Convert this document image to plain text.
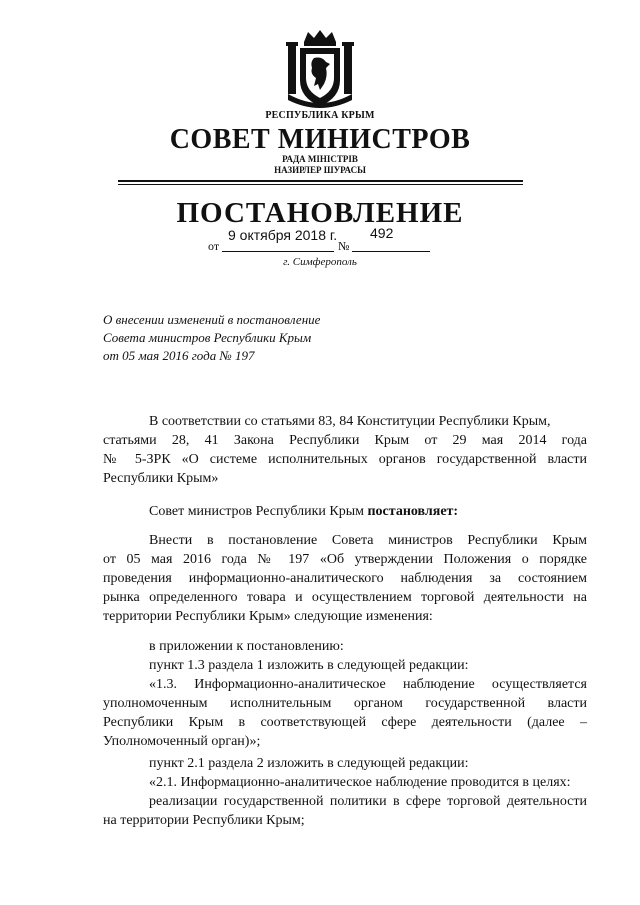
РЕСПУБЛИКА КРЫМ
СОВЕТ МИНИСТРОВ
РАДА МІНІСТРІВ
НАЗИРЛЕР ШУРАСЫ
ПОСТАНОВЛЕНИЕ
9 октября 2018 г. 492
от	№
г. Симферополь
О внесении изменений в постановление
Совета министров Республики Крым
от 05 мая 2016 года № 197
В соответствии со статьями 83, 84 Конституции Республики Крым,
статьями 28, 41 Закона Республики Крым от 29 мая 2014 года
№ 5-ЗРК «О системе исполнительных органов государственной власти
Республики Крым»
Совет министров Республики Крым постановляет:
Внести в постановление Совета министров Республики Крым
от 05 мая 2016 года № 197 «Об утверждении Положения о порядке
проведения информационно-аналитического наблюдения за состоянием
рынка определенного товара и осуществлением торговой деятельности на
территории Республики Крым» следующие изменения:
в приложении к постановлению:
пункт 1.3 раздела 1 изложить в следующей редакции:
«1.3. Информационно-аналитическое наблюдение осуществляется
уполномоченным исполнительным органом государственной власти
Республики Крым в соответствующей сфере деятельности (далее –
Уполномоченный орган)»;
пункт 2.1 раздела 2 изложить в следующей редакции:
«2.1. Информационно-аналитическое наблюдение проводится в целях:
реализации государственной политики в сфере торговой деятельности
на территории Республики Крым;
